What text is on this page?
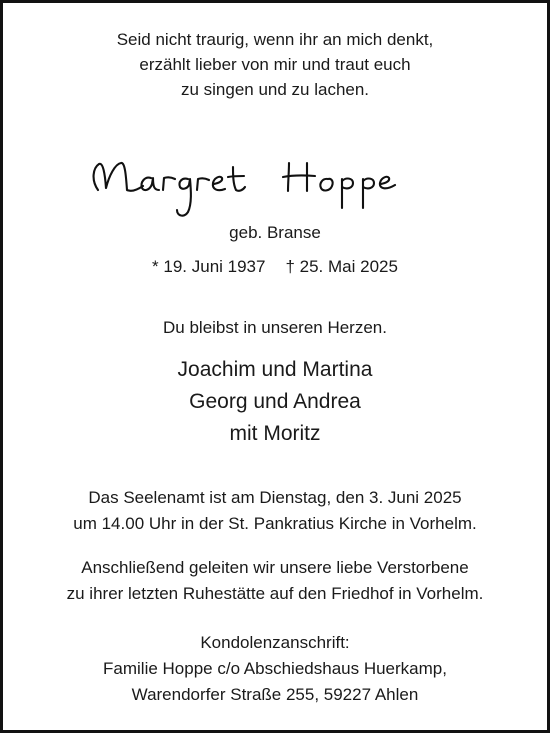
Seid nicht traurig, wenn ihr an mich denkt,
erzählt lieber von mir und traut euch
zu singen und zu lachen.
geb. Branse
* 19. Juni 1937 † 25. Mai 2025
Du bleibst in unseren Herzen.
Joachim und Martina
Georg und Andrea
mit Moritz
Das Seelenamt ist am Dienstag, den 3. Juni 2025
um 14.00 Uhr in der St. Pankratius Kirche in Vorhelm.
Anschließend geleiten wir unsere liebe Verstorbene
zu ihrer letzten Ruhestätte auf den Friedhof in Vorhelm.
Kondolenzanschrift:
Familie Hoppe c/o Abschiedshaus Huerkamp,
Warendorfer Straße 255, 59227 Ahlen
